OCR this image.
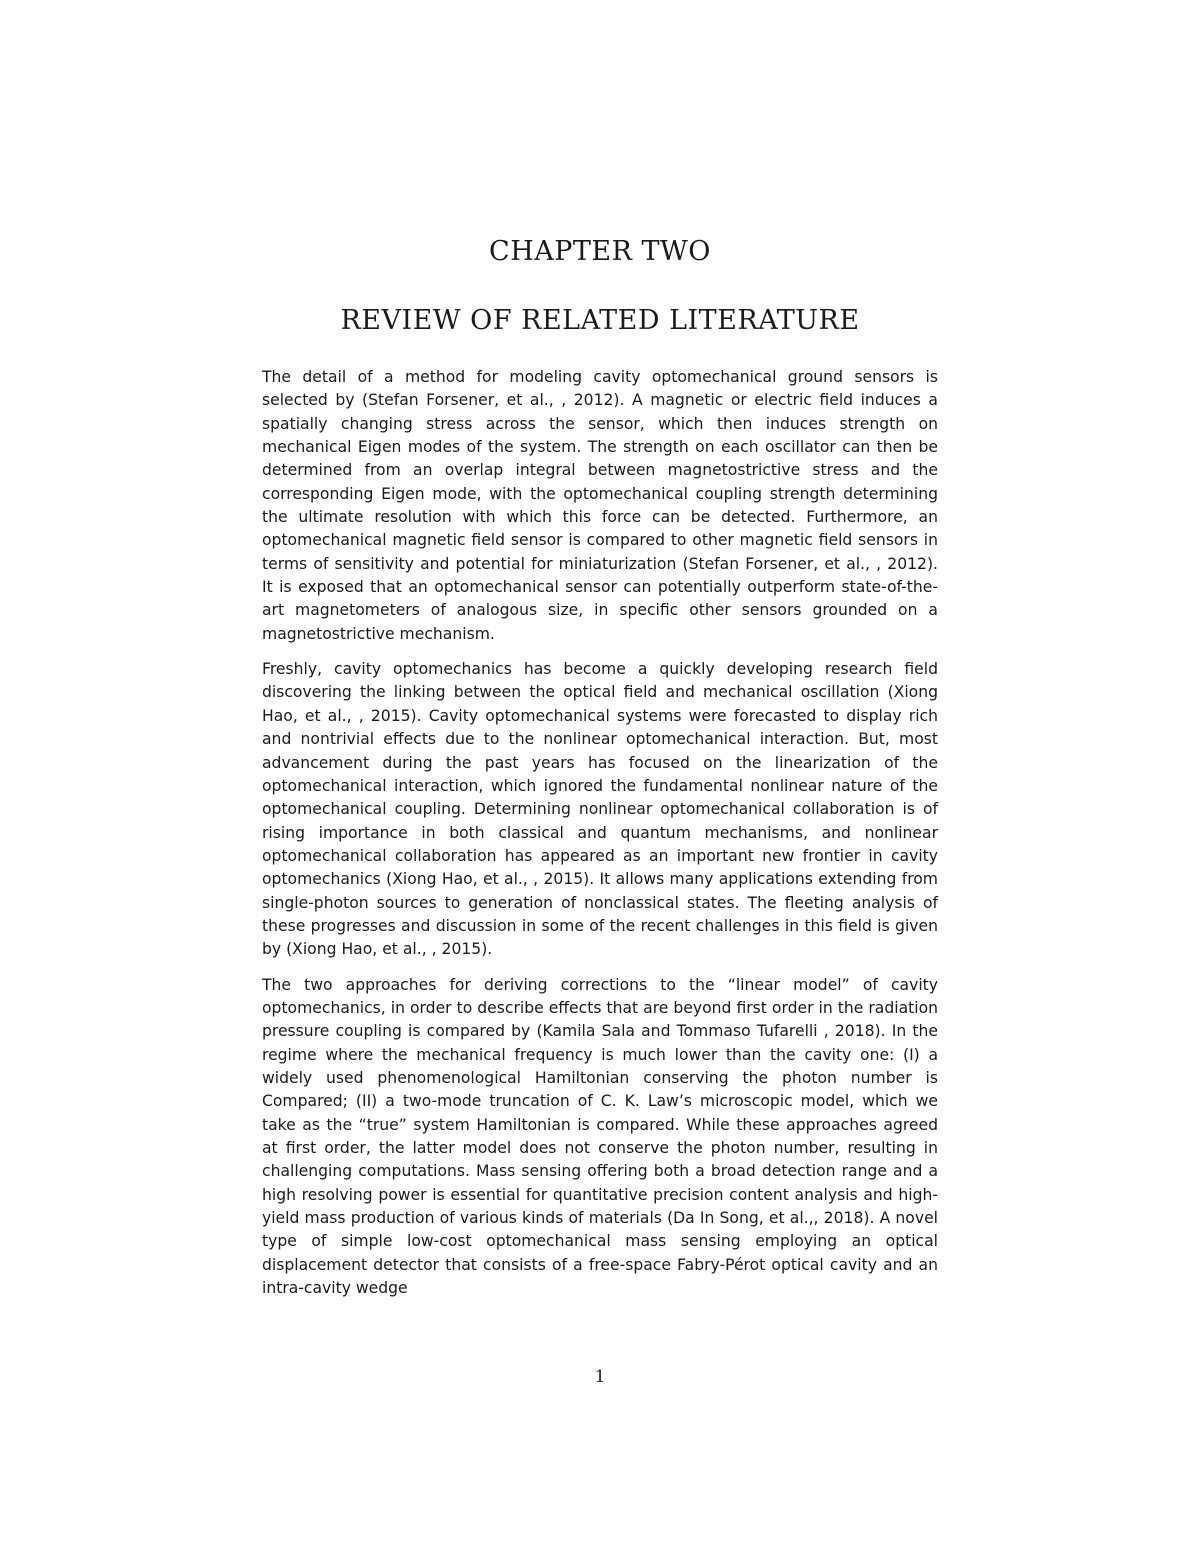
CHAPTER TWO
REVIEW OF RELATED LITERATURE

The detail of a method for modeling cavity optomechanical ground sensors is selected by (Stefan Forsener, et al., , 2012). A magnetic or electric field induces a spatially changing stress across the sensor, which then induces strength on mechanical Eigen modes of the system. The strength on each oscillator can then be determined from an overlap integral between magnetostrictive stress and the corresponding Eigen mode, with the optomechanical coupling strength determining the ultimate resolution with which this force can be detected. Furthermore, an optomechanical magnetic field sensor is compared to other magnetic field sensors in terms of sensitivity and potential for miniaturization (Stefan Forsener, et al., , 2012). It is exposed that an optomechanical sensor can potentially outperform state-of-the-art magnetometers of analogous size, in specific other sensors grounded on a magnetostrictive mechanism.

Freshly, cavity optomechanics has become a quickly developing research field discovering the linking between the optical field and mechanical oscillation (Xiong Hao, et al., , 2015). Cavity optomechanical systems were forecasted to display rich and nontrivial effects due to the nonlinear optomechanical interaction. But, most advancement during the past years has focused on the linearization of the optomechanical interaction, which ignored the fundamental nonlinear nature of the optomechanical coupling. Determining nonlinear optomechanical collaboration is of rising importance in both classical and quantum mechanisms, and nonlinear optomechanical collaboration has appeared as an important new frontier in cavity optomechanics (Xiong Hao, et al., , 2015). It allows many applications extending from single-photon sources to generation of nonclassical states. The fleeting analysis of these progresses and discussion in some of the recent challenges in this field is given by (Xiong Hao, et al., , 2015).

The two approaches for deriving corrections to the “linear model” of cavity optomechanics, in order to describe effects that are beyond first order in the radiation pressure coupling is compared by (Kamila Sala and Tommaso Tufarelli , 2018). In the regime where the mechanical frequency is much lower than the cavity one: (I) a widely used phenomenological Hamiltonian conserving the photon number is Compared; (II) a two-mode truncation of C. K. Law’s microscopic model, which we take as the “true” system Hamiltonian is compared. While these approaches agreed at first order, the latter model does not conserve the photon number, resulting in challenging computations. Mass sensing offering both a broad detection range and a high resolving power is essential for quantitative precision content analysis and high-yield mass production of various kinds of materials (Da In Song, et al.,, 2018). A novel type of simple low-cost optomechanical mass sensing employing an optical displacement detector that consists of a free-space Fabry-Pérot optical cavity and an intra-cavity wedge

1
